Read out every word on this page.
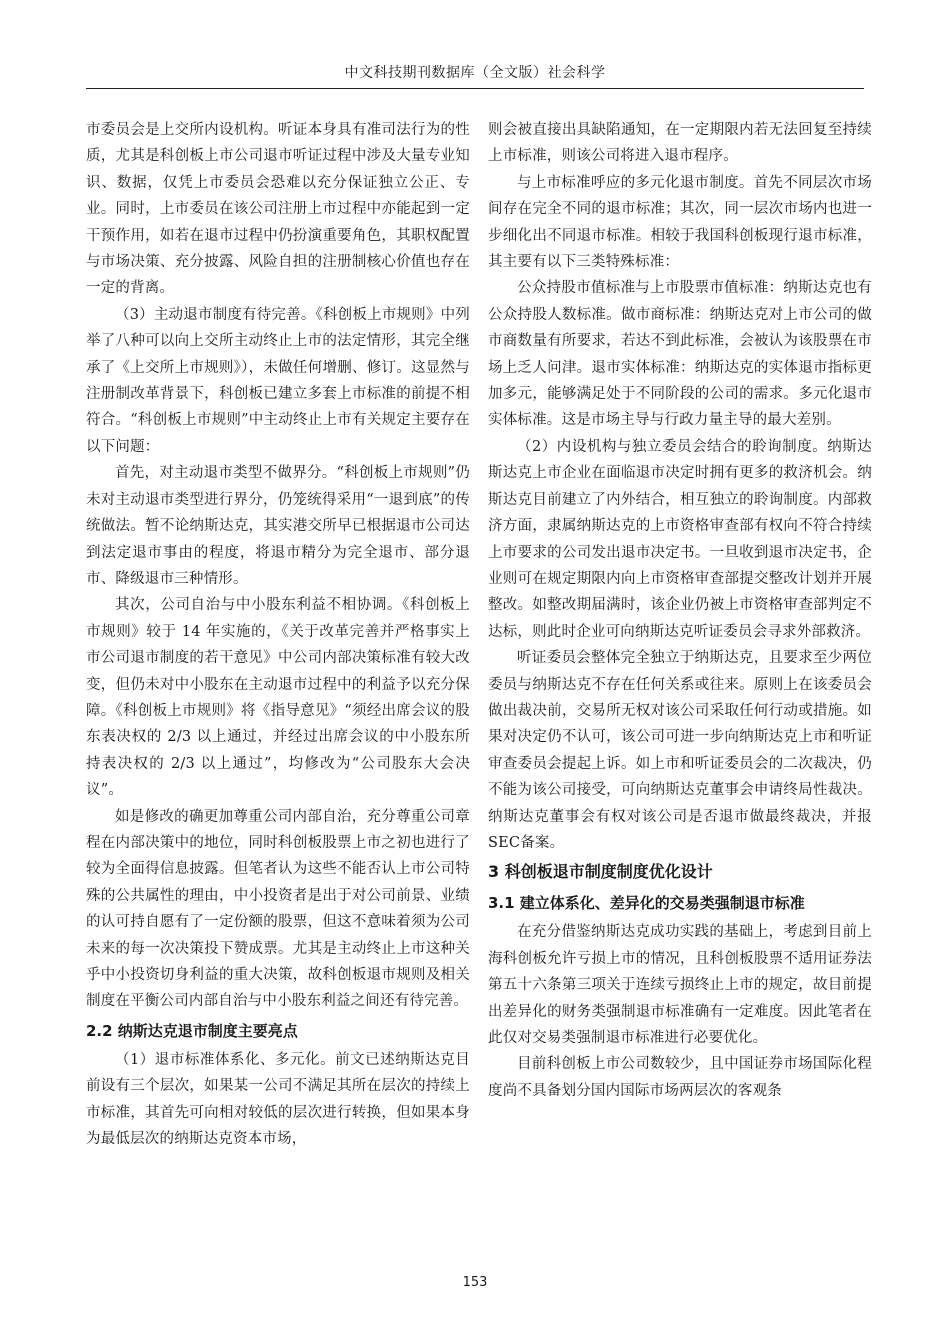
中文科技期刊数据库（全文版）社会科学

市委员会是上交所内设机构。听证本身具有准司法行为的性质，尤其是科创板上市公司退市听证过程中涉及大量专业知识、数据，仅凭上市委员会恐难以充分保证独立公正、专业。同时，上市委员在该公司注册上市过程中亦能起到一定干预作用，如若在退市过程中仍扮演重要角色，其职权配置与市场决策、充分披露、风险自担的注册制核心价值也存在一定的背离。

（3）主动退市制度有待完善。《科创板上市规则》中列举了八种可以向上交所主动终止上市的法定情形，其完全继承了《上交所上市规则》），未做任何增删、修订。这显然与注册制改革背景下，科创板已建立多套上市标准的前提不相符合。“科创板上市规则”中主动终止上市有关规定主要存在以下问题：

首先，对主动退市类型不做界分。“科创板上市规则”仍未对主动退市类型进行界分，仍笼统得采用“一退到底”的传统做法。暂不论纳斯达克，其实港交所早已根据退市公司达到法定退市事由的程度，将退市精分为完全退市、部分退市、降级退市三种情形。

其次，公司自治与中小股东利益不相协调。《科创板上市规则》较于 14 年实施的，《关于改革完善并严格事实上市公司退市制度的若干意见》中公司内部决策标准有较大改变，但仍未对中小股东在主动退市过程中的利益予以充分保障。《科创板上市规则》将《指导意见》“须经出席会议的股东表决权的 2/3 以上通过，并经过出席会议的中小股东所持表决权的 2/3 以上通过”，均修改为“公司股东大会决议”。

如是修改的确更加尊重公司内部自治，充分尊重公司章程在内部决策中的地位，同时科创板股票上市之初也进行了较为全面得信息披露。但笔者认为这些不能否认上市公司特殊的公共属性的理由，中小投资者是出于对公司前景、业绩的认可持自愿有了一定份额的股票，但这不意味着须为公司未来的每一次决策投下赞成票。尤其是主动终止上市这种关乎中小投资切身利益的重大决策，故科创板退市规则及相关制度在平衡公司内部自治与中小股东利益之间还有待完善。

2.2 纳斯达克退市制度主要亮点

（1）退市标准体系化、多元化。前文已述纳斯达克目前设有三个层次，如果某一公司不满足其所在层次的持续上市标准，其首先可向相对较低的层次进行转换，但如果本身为最低层次的纳斯达克资本市场，

则会被直接出具缺陷通知，在一定期限内若无法回复至持续上市标准，则该公司将进入退市程序。

与上市标准呼应的多元化退市制度。首先不同层次市场间存在完全不同的退市标准；其次，同一层次市场内也进一步细化出不同退市标准。相较于我国科创板现行退市标准，其主要有以下三类特殊标准：

公众持股市值标准与上市股票市值标准：纳斯达克也有公众持股人数标准。做市商标准：纳斯达克对上市公司的做市商数量有所要求，若达不到此标准，会被认为该股票在市场上乏人问津。退市实体标准：纳斯达克的实体退市指标更加多元，能够满足处于不同阶段的公司的需求。多元化退市实体标准。这是市场主导与行政力量主导的最大差别。

（2）内设机构与独立委员会结合的聆询制度。纳斯达斯达克上市企业在面临退市决定时拥有更多的救济机会。纳斯达克目前建立了内外结合，相互独立的聆询制度。内部救济方面，隶属纳斯达克的上市资格审查部有权向不符合持续上市要求的公司发出退市决定书。一旦收到退市决定书，企业则可在规定期限内向上市资格审查部提交整改计划并开展整改。如整改期届满时，该企业仍被上市资格审查部判定不达标，则此时企业可向纳斯达克听证委员会寻求外部救济。

听证委员会整体完全独立于纳斯达克，且要求至少两位委员与纳斯达克不存在任何关系或往来。原则上在该委员会做出裁决前，交易所无权对该公司采取任何行动或措施。如果对决定仍不认可，该公司可进一步向纳斯达克上市和听证审查委员会提起上诉。如上市和听证委员会的二次裁决，仍不能为该公司接受，可向纳斯达克董事会申请终局性裁决。纳斯达克董事会有权对该公司是否退市做最终裁决，并报SEC备案。

3 科创板退市制度制度优化设计
3.1 建立体系化、差异化的交易类强制退市标准

在充分借鉴纳斯达克成功实践的基础上，考虑到目前上海科创板允许亏损上市的情况，且科创板股票不适用证券法第五十六条第三项关于连续亏损终止上市的规定，故目前提出差异化的财务类强制退市标准确有一定难度。因此笔者在此仅对交易类强制退市标准进行必要优化。

目前科创板上市公司数较少，且中国证券市场国际化程度尚不具备划分国内国际市场两层次的客观条

153
